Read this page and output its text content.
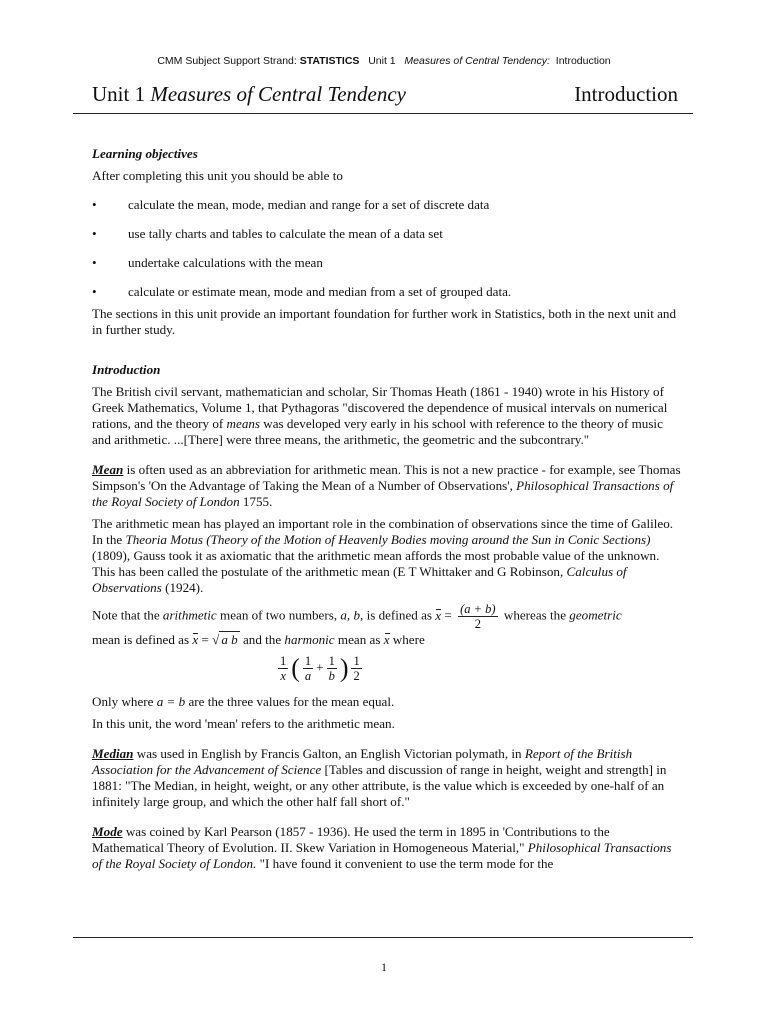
CMM Subject Support Strand: STATISTICS Unit 1 Measures of Central Tendency: Introduction
Unit 1 Measures of Central Tendency	Introduction

Learning objectives

After completing this unit you should be able to

• calculate the mean, mode, median and range for a set of discrete data
• use tally charts and tables to calculate the mean of a data set
• undertake calculations with the mean
• calculate or estimate mean, mode and median from a set of grouped data.

The sections in this unit provide an important foundation for further work in Statistics, both in the next unit and in further study.

Introduction

The British civil servant, mathematician and scholar, Sir Thomas Heath (1861 - 1940) wrote in his History of Greek Mathematics, Volume 1, that Pythagoras "discovered the dependence of musical intervals on numerical rations, and the theory of means was developed very early in his school with reference to the theory of music and arithmetic. ...[There] were three means, the arithmetic, the geometric and the subcontrary."

Mean is often used as an abbreviation for arithmetic mean. This is not a new practice - for example, see Thomas Simpson's 'On the Advantage of Taking the Mean of a Number of Observations', Philosophical Transactions of the Royal Society of London 1755.

The arithmetic mean has played an important role in the combination of observations since the time of Galileo. In the Theoria Motus (Theory of the Motion of Heavenly Bodies moving around the Sun in Conic Sections) (1809), Gauss took it as axiomatic that the arithmetic mean affords the most probable value of the unknown. This has been called the postulate of the arithmetic mean (E T Whittaker and G Robinson, Calculus of Observations (1924).

Note that the arithmetic mean of two numbers, a, b, is defined as $x = \frac{(a + b)}{2}$ whereas the geometric
mean is defined as x = √ a b and the harmonic mean as x where

$\frac{1}{x}$ ( $\frac{1}{a} + \frac{1}{b}$ ) $\frac{1}{2}$

Only where a = b are the three values for the mean equal.

In this unit, the word 'mean' refers to the arithmetic mean.

Median was used in English by Francis Galton, an English Victorian polymath, in Report of the British Association for the Advancement of Science [Tables and discussion of range in height, weight and strength] in 1881: "The Median, in height, weight, or any other attribute, is the value which is exceeded by one-half of an infinitely large group, and which the other half fall short of."

Mode was coined by Karl Pearson (1857 - 1936). He used the term in 1895 in 'Contributions to the Mathematical Theory of Evolution. II. Skew Variation in Homogeneous Material," Philosophical Transactions of the Royal Society of London. "I have found it convenient to use the term mode for the

1
